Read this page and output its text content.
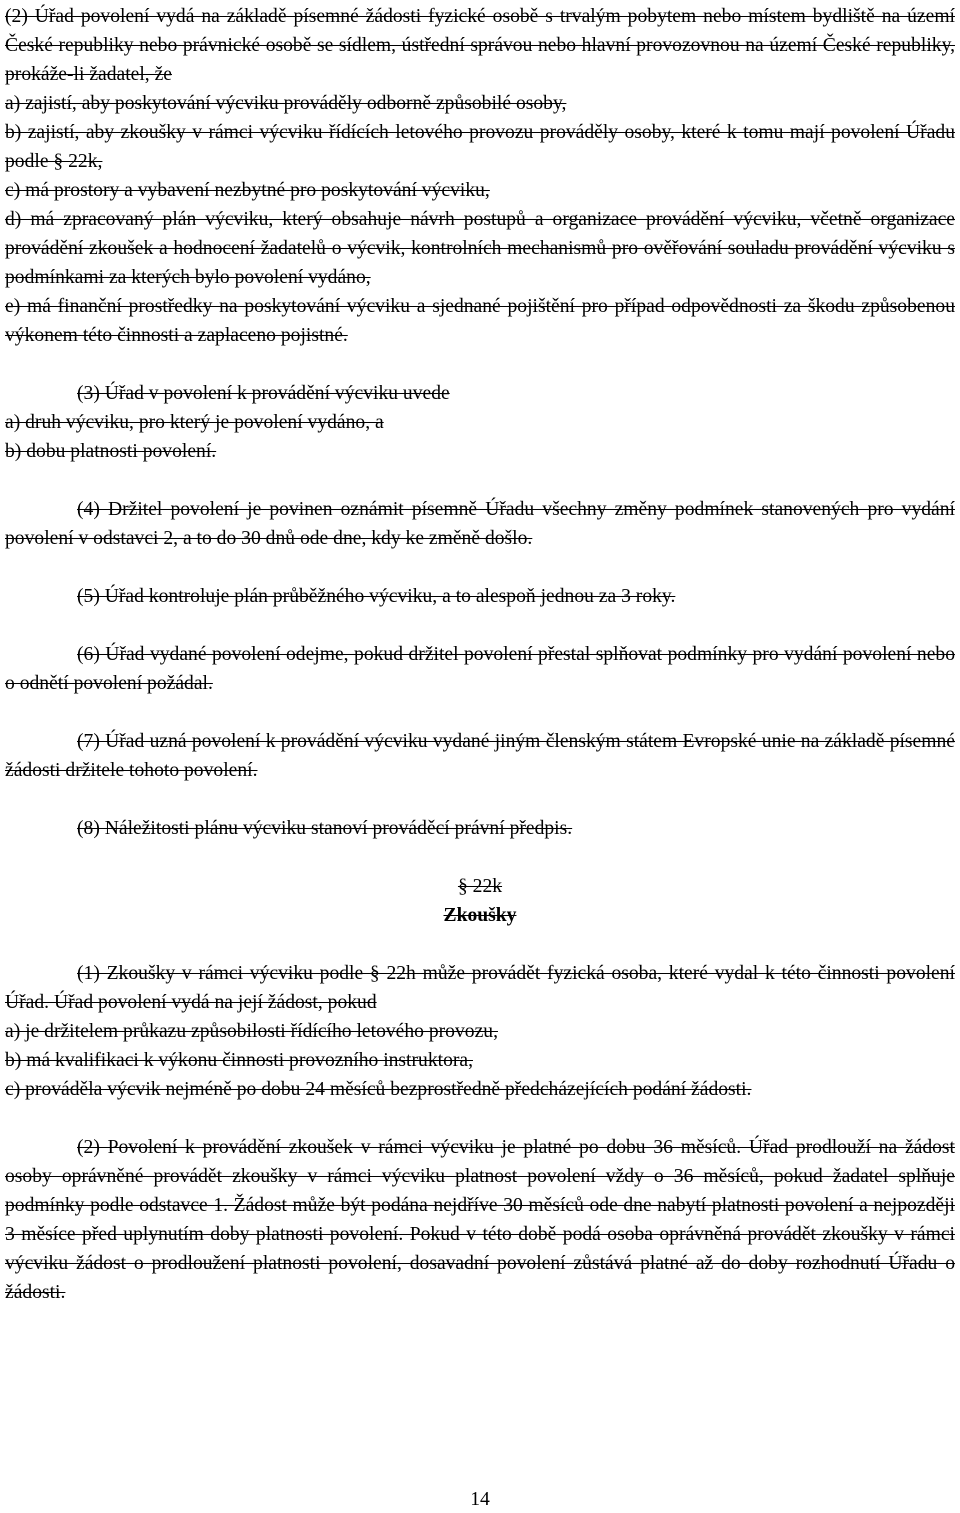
(2) Úřad povolení vydá na základě písemné žádosti fyzické osobě s trvalým pobytem nebo místem bydliště na území České republiky nebo právnické osobě se sídlem, ústřední správou nebo hlavní provozovnou na území České republiky, prokáže-li žadatel, že

a) zajistí, aby poskytování výcviku prováděly odborně způsobilé osoby,

b) zajistí, aby zkoušky v rámci výcviku řídících letového provozu prováděly osoby, které k tomu mají povolení Úřadu podle § 22k,

c) má prostory a vybavení nezbytné pro poskytování výcviku,

d) má zpracovaný plán výcviku, který obsahuje návrh postupů a organizace provádění výcviku, včetně organizace provádění zkoušek a hodnocení žadatelů o výcvik, kontrolních mechanismů pro ověřování souladu provádění výcviku s podmínkami za kterých bylo povolení vydáno,

e) má finanční prostředky na poskytování výcviku a sjednané pojištění pro případ odpovědnosti za škodu způsobenou výkonem této činnosti a zaplaceno pojistné.

(3) Úřad v povolení k provádění výcviku uvede

a) druh výcviku, pro který je povolení vydáno, a

b) dobu platnosti povolení.

(4) Držitel povolení je povinen oznámit písemně Úřadu všechny změny podmínek stanovených pro vydání povolení v odstavci 2, a to do 30 dnů ode dne, kdy ke změně došlo.

(5) Úřad kontroluje plán průběžného výcviku, a to alespoň jednou za 3 roky.

(6) Úřad vydané povolení odejme, pokud držitel povolení přestal splňovat podmínky pro vydání povolení nebo o odnětí povolení požádal.

(7) Úřad uzná povolení k provádění výcviku vydané jiným členským státem Evropské unie na základě písemné žádosti držitele tohoto povolení.

(8) Náležitosti plánu výcviku stanoví prováděcí právní předpis.

§ 22k

Zkoušky

(1) Zkoušky v rámci výcviku podle § 22h může provádět fyzická osoba, které vydal k této činnosti povolení Úřad. Úřad povolení vydá na její žádost, pokud

a) je držitelem průkazu způsobilosti řídícího letového provozu,

b) má kvalifikaci k výkonu činnosti provozního instruktora,

c) prováděla výcvik nejméně po dobu 24 měsíců bezprostředně předcházejících podání žádosti.

(2) Povolení k provádění zkoušek v rámci výcviku je platné po dobu 36 měsíců. Úřad prodlouží na žádost osoby oprávněné provádět zkoušky v rámci výcviku platnost povolení vždy o 36 měsíců, pokud žadatel splňuje podmínky podle odstavce 1. Žádost může být podána nejdříve 30 měsíců ode dne nabytí platnosti povolení a nejpozději 3 měsíce před uplynutím doby platnosti povolení. Pokud v této době podá osoba oprávněná provádět zkoušky v rámci výcviku žádost o prodloužení platnosti povolení, dosavadní povolení zůstává platné až do doby rozhodnutí Úřadu o žádosti.

14
